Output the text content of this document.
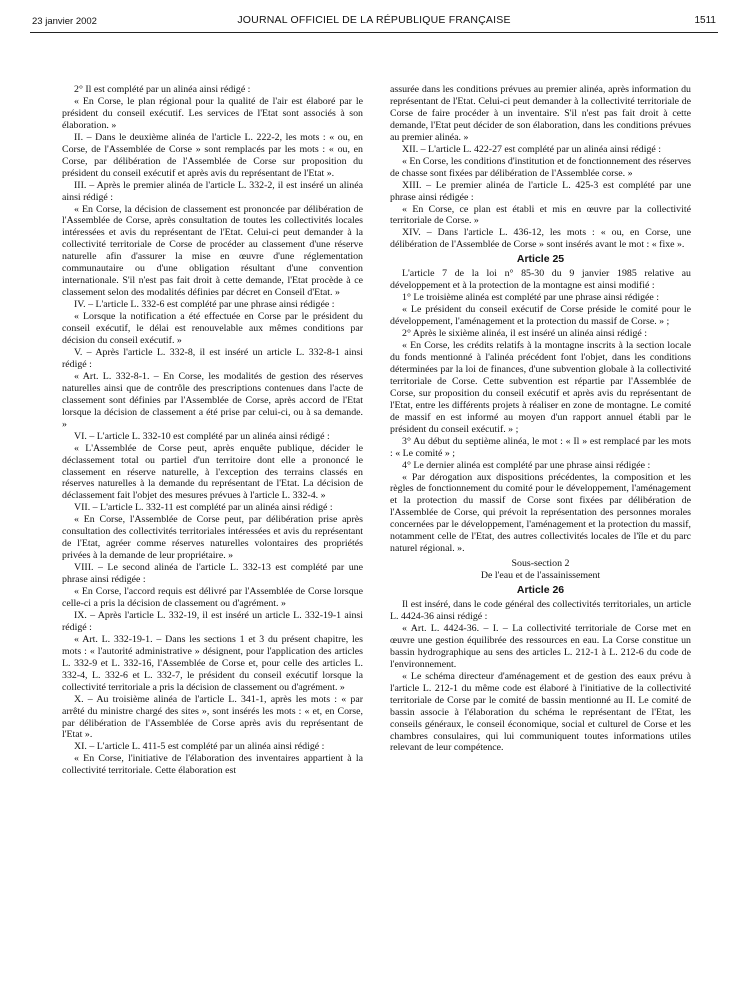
23 janvier 2002	JOURNAL OFFICIEL DE LA RÉPUBLIQUE FRANÇAISE	1511

2° Il est complété par un alinéa ainsi rédigé :

« En Corse, le plan régional pour la qualité de l'air est élaboré par le président du conseil exécutif. Les services de l'Etat sont associés à son élaboration. »

II. – Dans le deuxième alinéa de l'article L. 222-2, les mots : « ou, en Corse, de l'Assemblée de Corse » sont remplacés par les mots : « ou, en Corse, par délibération de l'Assemblée de Corse sur proposition du président du conseil exécutif et après avis du représentant de l'Etat ».

III. – Après le premier alinéa de l'article L. 332-2, il est inséré un alinéa ainsi rédigé :

« En Corse, la décision de classement est prononcée par délibération de l'Assemblée de Corse, après consultation de toutes les collectivités locales intéressées et avis du représentant de l'Etat. Celui-ci peut demander à la collectivité territoriale de Corse de procéder au classement d'une réserve naturelle afin d'assurer la mise en œuvre d'une réglementation communautaire ou d'une obligation résultant d'une convention internationale. S'il n'est pas fait droit à cette demande, l'Etat procède à ce classement selon des modalités définies par décret en Conseil d'Etat. »

IV. – L'article L. 332-6 est complété par une phrase ainsi rédigée :

« Lorsque la notification a été effectuée en Corse par le président du conseil exécutif, le délai est renouvelable aux mêmes conditions par décision du conseil exécutif. »

V. – Après l'article L. 332-8, il est inséré un article L. 332-8-1 ainsi rédigé :

« Art. L. 332-8-1. – En Corse, les modalités de gestion des réserves naturelles ainsi que de contrôle des prescriptions contenues dans l'acte de classement sont définies par l'Assemblée de Corse, après accord de l'Etat lorsque la décision de classement a été prise par celui-ci, ou à sa demande. »

VI. – L'article L. 332-10 est complété par un alinéa ainsi rédigé :

« L'Assemblée de Corse peut, après enquête publique, décider le déclassement total ou partiel d'un territoire dont elle a prononcé le classement en réserve naturelle, à l'exception des terrains classés en réserves naturelles à la demande du représentant de l'Etat. La décision de déclassement fait l'objet des mesures prévues à l'article L. 332-4. »

VII. – L'article L. 332-11 est complété par un alinéa ainsi rédigé :

« En Corse, l'Assemblée de Corse peut, par délibération prise après consultation des collectivités territoriales intéressées et avis du représentant de l'Etat, agréer comme réserves naturelles volontaires des propriétés privées à la demande de leur propriétaire. »

VIII. – Le second alinéa de l'article L. 332-13 est complété par une phrase ainsi rédigée :

« En Corse, l'accord requis est délivré par l'Assemblée de Corse lorsque celle-ci a pris la décision de classement ou d'agrément. »

IX. – Après l'article L. 332-19, il est inséré un article L. 332-19-1 ainsi rédigé :

« Art. L. 332-19-1. – Dans les sections 1 et 3 du présent chapitre, les mots : « l'autorité administrative » désignent, pour l'application des articles L. 332-9 et L. 332-16, l'Assemblée de Corse et, pour celle des articles L. 332-4, L. 332-6 et L. 332-7, le président du conseil exécutif lorsque la collectivité territoriale a pris la décision de classement ou d'agrément. »

X. – Au troisième alinéa de l'article L. 341-1, après les mots : « par arrêté du ministre chargé des sites », sont insérés les mots : « et, en Corse, par délibération de l'Assemblée de Corse après avis du représentant de l'Etat ».

XI. – L'article L. 411-5 est complété par un alinéa ainsi rédigé :

« En Corse, l'initiative de l'élaboration des inventaires appartient à la collectivité territoriale. Cette élaboration est

assurée dans les conditions prévues au premier alinéa, après information du représentant de l'Etat. Celui-ci peut demander à la collectivité territoriale de Corse de faire procéder à un inventaire. S'il n'est pas fait droit à cette demande, l'Etat peut décider de son élaboration, dans les conditions prévues au premier alinéa. »

XII. – L'article L. 422-27 est complété par un alinéa ainsi rédigé :

« En Corse, les conditions d'institution et de fonctionnement des réserves de chasse sont fixées par délibération de l'Assemblée corse. »

XIII. – Le premier alinéa de l'article L. 425-3 est complété par une phrase ainsi rédigée :

« En Corse, ce plan est établi et mis en œuvre par la collectivité territoriale de Corse. »

XIV. – Dans l'article L. 436-12, les mots : « ou, en Corse, une délibération de l'Assemblée de Corse » sont insérés avant le mot : « fixe ».

Article 25

L'article 7 de la loi n° 85-30 du 9 janvier 1985 relative au développement et à la protection de la montagne est ainsi modifié :

1° Le troisième alinéa est complété par une phrase ainsi rédigée :

« Le président du conseil exécutif de Corse préside le comité pour le développement, l'aménagement et la protection du massif de Corse. » ;

2° Après le sixième alinéa, il est inséré un alinéa ainsi rédigé :

« En Corse, les crédits relatifs à la montagne inscrits à la section locale du fonds mentionné à l'alinéa précédent font l'objet, dans les conditions déterminées par la loi de finances, d'une subvention globale à la collectivité territoriale de Corse. Cette subvention est répartie par l'Assemblée de Corse, sur proposition du conseil exécutif et après avis du représentant de l'Etat, entre les différents projets à réaliser en zone de montagne. Le comité de massif en est informé au moyen d'un rapport annuel établi par le président du conseil exécutif. » ;

3° Au début du septième alinéa, le mot : « Il » est remplacé par les mots : « Le comité » ;

4° Le dernier alinéa est complété par une phrase ainsi rédigée :

« Par dérogation aux dispositions précédentes, la composition et les règles de fonctionnement du comité pour le développement, l'aménagement et la protection du massif de Corse sont fixées par délibération de l'Assemblée de Corse, qui prévoit la représentation des personnes morales concernées par le développement, l'aménagement et la protection du massif, notamment celle de l'Etat, des autres collectivités locales de l'île et du parc naturel régional. ».

Sous-section 2

De l'eau et de l'assainissement

Article 26

Il est inséré, dans le code général des collectivités territoriales, un article L. 4424-36 ainsi rédigé :

« Art. L. 4424-36. – I. – La collectivité territoriale de Corse met en œuvre une gestion équilibrée des ressources en eau. La Corse constitue un bassin hydrographique au sens des articles L. 212-1 à L. 212-6 du code de l'environnement.

« Le schéma directeur d'aménagement et de gestion des eaux prévu à l'article L. 212-1 du même code est élaboré à l'initiative de la collectivité territoriale de Corse par le comité de bassin mentionné au II. Le comité de bassin associe à l'élaboration du schéma le représentant de l'Etat, les conseils généraux, le conseil économique, social et culturel de Corse et les chambres consulaires, qui lui communiquent toutes informations utiles relevant de leur compétence.
